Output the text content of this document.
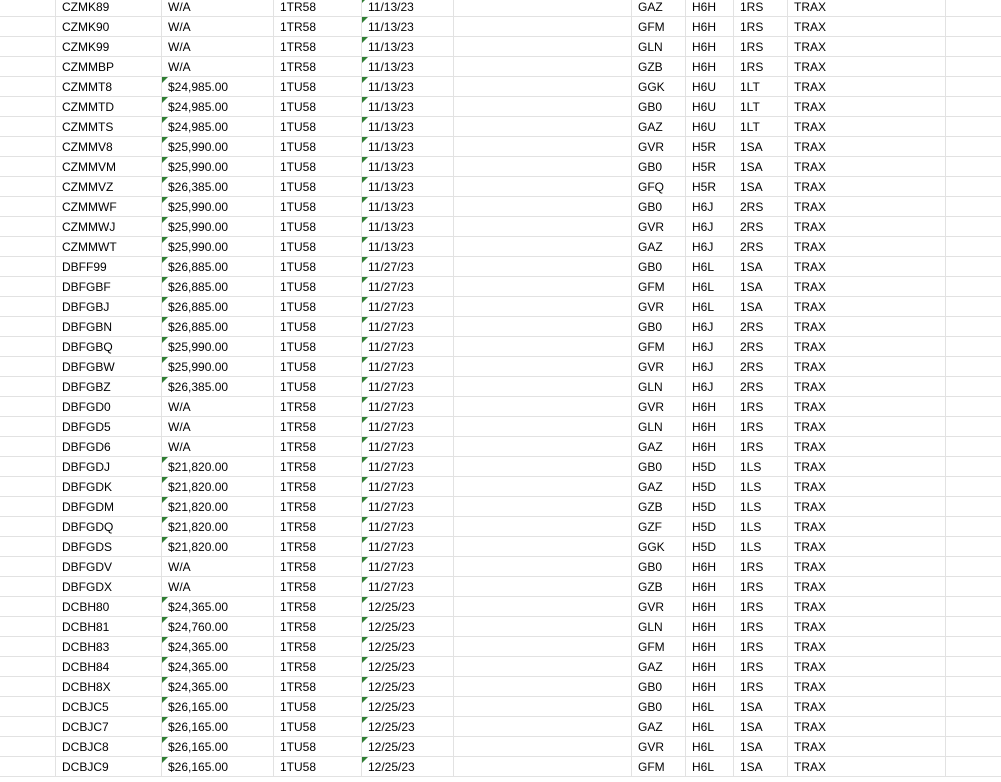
CZMK89	W/A	1TR58	11/13/23	GAZ	H6H	1RS	TRAX
CZMK90	W/A	1TR58	11/13/23	GFM	H6H	1RS	TRAX
CZMK99	W/A	1TR58	11/13/23	GLN	H6H	1RS	TRAX
CZMMBP	W/A	1TR58	11/13/23	GZB	H6H	1RS	TRAX
CZMMT8	$24,985.00	1TU58	11/13/23	GGK	H6U	1LT	TRAX
CZMMTD	$24,985.00	1TU58	11/13/23	GB0	H6U	1LT	TRAX
CZMMTS	$24,985.00	1TU58	11/13/23	GAZ	H6U	1LT	TRAX
CZMMV8	$25,990.00	1TU58	11/13/23	GVR	H5R	1SA	TRAX
CZMMVM	$25,990.00	1TU58	11/13/23	GB0	H5R	1SA	TRAX
CZMMVZ	$26,385.00	1TU58	11/13/23	GFQ	H5R	1SA	TRAX
CZMMWF	$25,990.00	1TU58	11/13/23	GB0	H6J	2RS	TRAX
CZMMWJ	$25,990.00	1TU58	11/13/23	GVR	H6J	2RS	TRAX
CZMMWT	$25,990.00	1TU58	11/13/23	GAZ	H6J	2RS	TRAX
DBFF99	$26,885.00	1TU58	11/27/23	GB0	H6L	1SA	TRAX
DBFGBF	$26,885.00	1TU58	11/27/23	GFM	H6L	1SA	TRAX
DBFGBJ	$26,885.00	1TU58	11/27/23	GVR	H6L	1SA	TRAX
DBFGBN	$26,885.00	1TU58	11/27/23	GB0	H6J	2RS	TRAX
DBFGBQ	$25,990.00	1TU58	11/27/23	GFM	H6J	2RS	TRAX
DBFGBW	$25,990.00	1TU58	11/27/23	GVR	H6J	2RS	TRAX
DBFGBZ	$26,385.00	1TU58	11/27/23	GLN	H6J	2RS	TRAX
DBFGD0	W/A	1TR58	11/27/23	GVR	H6H	1RS	TRAX
DBFGD5	W/A	1TR58	11/27/23	GLN	H6H	1RS	TRAX
DBFGD6	W/A	1TR58	11/27/23	GAZ	H6H	1RS	TRAX
DBFGDJ	$21,820.00	1TR58	11/27/23	GB0	H5D	1LS	TRAX
DBFGDK	$21,820.00	1TR58	11/27/23	GAZ	H5D	1LS	TRAX
DBFGDM	$21,820.00	1TR58	11/27/23	GZB	H5D	1LS	TRAX
DBFGDQ	$21,820.00	1TR58	11/27/23	GZF	H5D	1LS	TRAX
DBFGDS	$21,820.00	1TR58	11/27/23	GGK	H5D	1LS	TRAX
DBFGDV	W/A	1TR58	11/27/23	GB0	H6H	1RS	TRAX
DBFGDX	W/A	1TR58	11/27/23	GZB	H6H	1RS	TRAX
DCBH80	$24,365.00	1TR58	12/25/23	GVR	H6H	1RS	TRAX
DCBH81	$24,760.00	1TR58	12/25/23	GLN	H6H	1RS	TRAX
DCBH83	$24,365.00	1TR58	12/25/23	GFM	H6H	1RS	TRAX
DCBH84	$24,365.00	1TR58	12/25/23	GAZ	H6H	1RS	TRAX
DCBH8X	$24,365.00	1TR58	12/25/23	GB0	H6H	1RS	TRAX
DCBJC5	$26,165.00	1TU58	12/25/23	GB0	H6L	1SA	TRAX
DCBJC7	$26,165.00	1TU58	12/25/23	GAZ	H6L	1SA	TRAX
DCBJC8	$26,165.00	1TU58	12/25/23	GVR	H6L	1SA	TRAX
DCBJC9	$26,165.00	1TU58	12/25/23	GFM	H6L	1SA	TRAX
